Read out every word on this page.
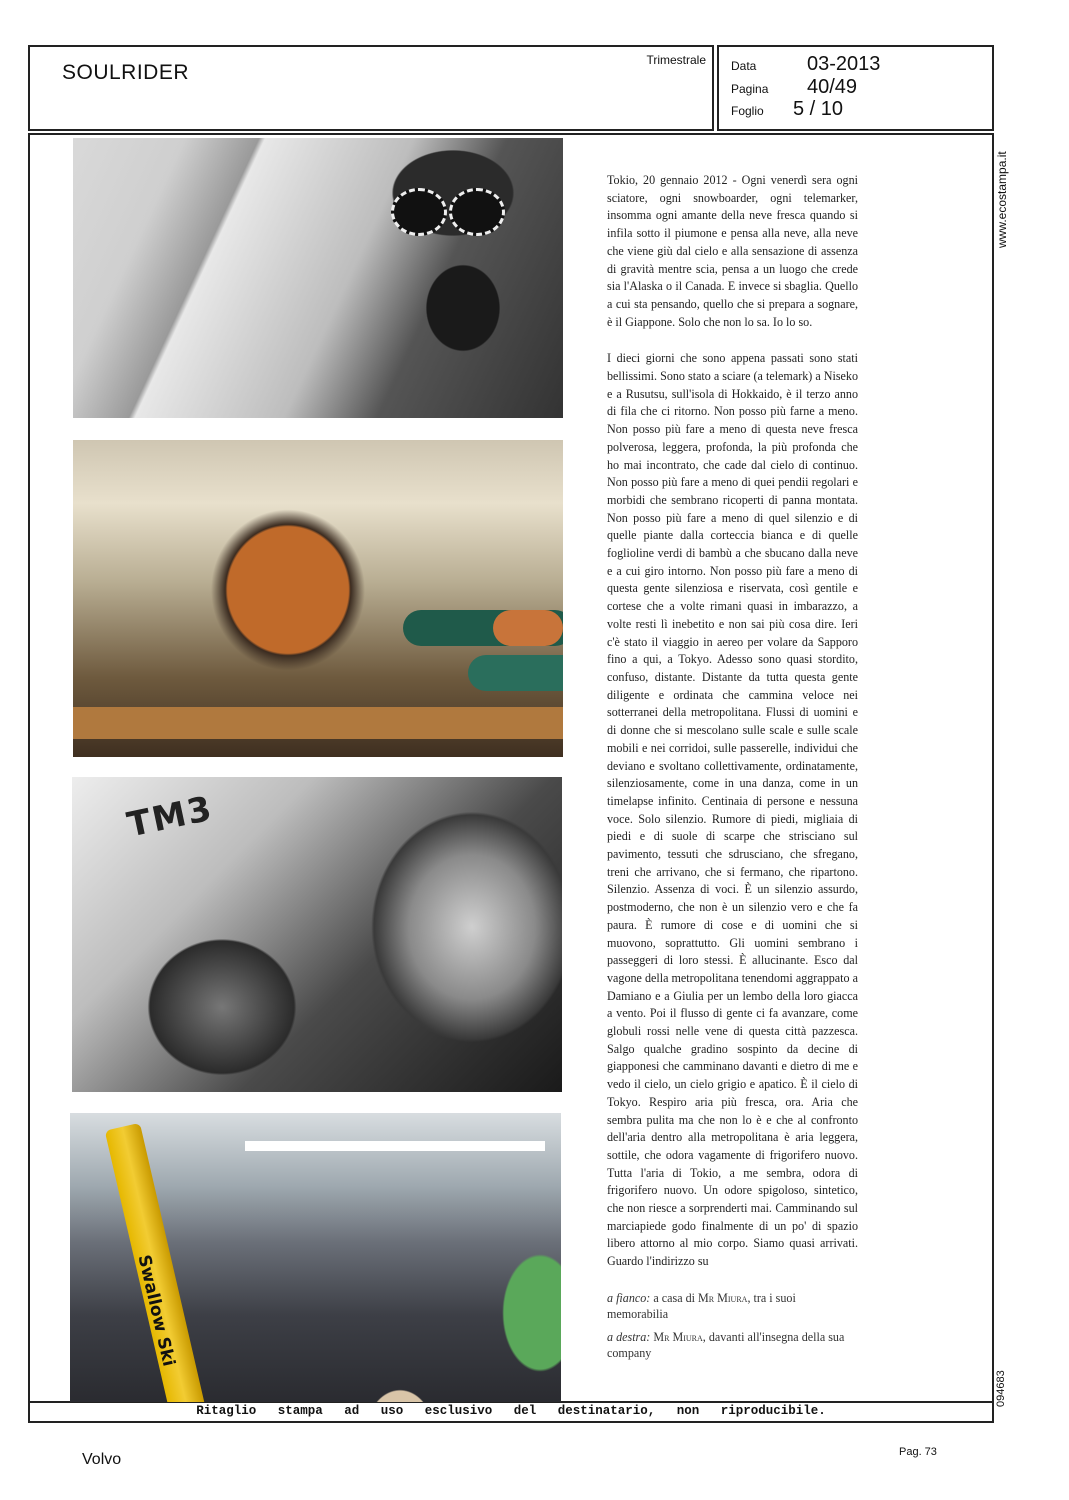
SOULRIDER
Trimestrale Data	03-2013
Pagina	40/49
Foglio	5 / 10
Ritaglio stampa ad uso esclusivo del destinatario, non riproducibile.
TM3
Swallow Ski

Tokio, 20 gennaio 2012 - Ogni venerdì sera ogni sciatore, ogni snowboarder, ogni telemarker, insomma ogni amante della neve fresca quando si infila sotto il piumone e pensa alla neve, alla neve che viene giù dal cielo e alla sensazione di assenza di gravità mentre scia, pensa a un luogo che crede sia l'Alaska o il Canada. E invece si sbaglia. Quello a cui sta pensando, quello che si prepara a sognare, è il Giappone. Solo che non lo sa. Io lo so.

I dieci giorni che sono appena passati sono stati bellissimi. Sono stato a sciare (a telemark) a Niseko e a Rusutsu, sull'isola di Hokkaido, è il terzo anno di fila che ci ritorno. Non posso più farne a meno. Non posso più fare a meno di questa neve fresca polverosa, leggera, profonda, la più profonda che ho mai incontrato, che cade dal cielo di continuo. Non posso più fare a meno di quei pendii regolari e morbidi che sembrano ricoperti di panna montata. Non posso più fare a meno di quel silenzio e di quelle piante dalla corteccia bianca e di quelle foglioline verdi di bambù a che sbucano dalla neve e a cui giro intorno. Non posso più fare a meno di questa gente silenziosa e riservata, così gentile e cortese che a volte rimani quasi in imbarazzo, a volte resti lì inebetito e non sai più cosa dire. Ieri c'è stato il viaggio in aereo per volare da Sapporo fino a qui, a Tokyo. Adesso sono quasi stordito, confuso, distante. Distante da tutta questa gente diligente e ordinata che cammina veloce nei sotterranei della metropolitana. Flussi di uomini e di donne che si mescolano sulle scale e sulle scale mobili e nei corridoi, sulle passerelle, individui che deviano e svoltano collettivamente, ordinatamente, silenziosamente, come in una danza, come in un timelapse infinito. Centinaia di persone e nessuna voce. Solo silenzio. Rumore di piedi, migliaia di piedi e di suole di scarpe che strisciano sul pavimento, tessuti che sdrusciano, che sfregano, treni che arrivano, che si fermano, che ripartono. Silenzio. Assenza di voci. È un silenzio assurdo, postmoderno, che non è un silenzio vero e che fa paura. È rumore di cose e di uomini che si muovono, soprattutto. Gli uomini sembrano i passeggeri di loro stessi. È allucinante. Esco dal vagone della metropolitana tenendomi aggrappato a Damiano e a Giulia per un lembo della loro giacca a vento. Poi il flusso di gente ci fa avanzare, come globuli rossi nelle vene di questa città pazzesca. Salgo qualche gradino sospinto da decine di giapponesi che camminano davanti e dietro di me e vedo il cielo, un cielo grigio e apatico. È il cielo di Tokyo. Respiro aria più fresca, ora. Aria che sembra pulita ma che non lo è e che al confronto dell'aria dentro alla metropolitana è aria leggera, sottile, che odora vagamente di frigorifero nuovo. Tutta l'aria di Tokio, a me sembra, odora di frigorifero nuovo. Un odore spigoloso, sintetico, che non riesce a sorprenderti mai. Camminando sul marciapiede godo finalmente di un po' di spazio libero attorno al mio corpo. Siamo quasi arrivati. Guardo l'indirizzo su

a fianco: a casa di Mr Miura, tra i suoi memorabilia

a destra: Mr Miura, davanti all'insegna della sua company

www.ecostampa.it
094683
Volvo	Pag. 73
